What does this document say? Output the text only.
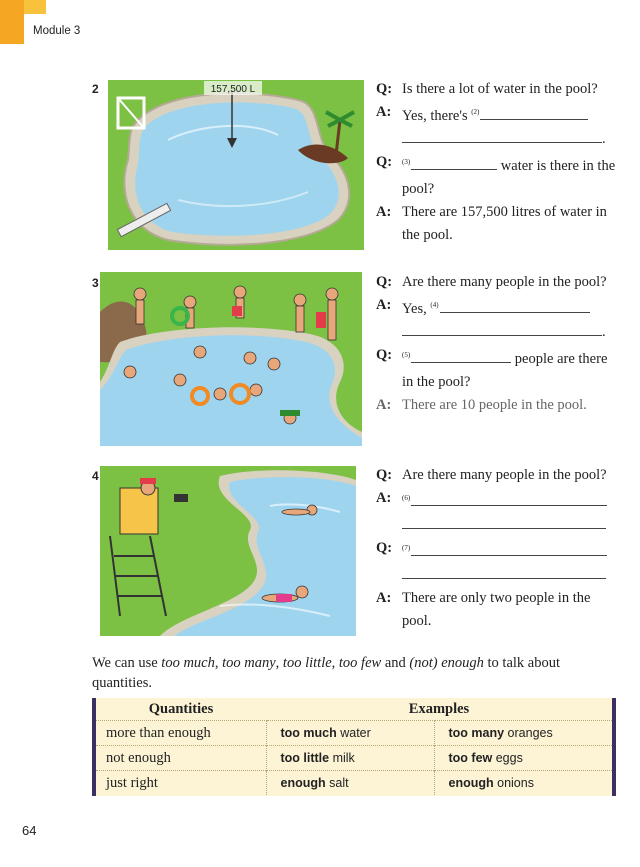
Module 3
2	157,500 L	Q: Is there a lot of water in the pool?
A: Yes, there's $^{(2)}$
.
Q:	$^{(3)}$	water is there in the pool?
A: There are 157,500 litres of water in the pool.
3	Q: Are there many people in the pool?
A: Yes, $^{(4)}$
.
Q:	$^{(5)}$	people are there in the pool?
A: There are 10 people in the pool.
4	Q: Are there many people in the pool?
A:	$^{(6)}$

Q:	$^{(7)}$

A: There are only two people in the pool.
We can use too much, too many, too little, too few and (not) enough to talk about quantities.
Quantities	Examples	
more than enough	too much water	too many oranges
not enough	too little milk	too few eggs
just right	enough salt	enough onions
64
